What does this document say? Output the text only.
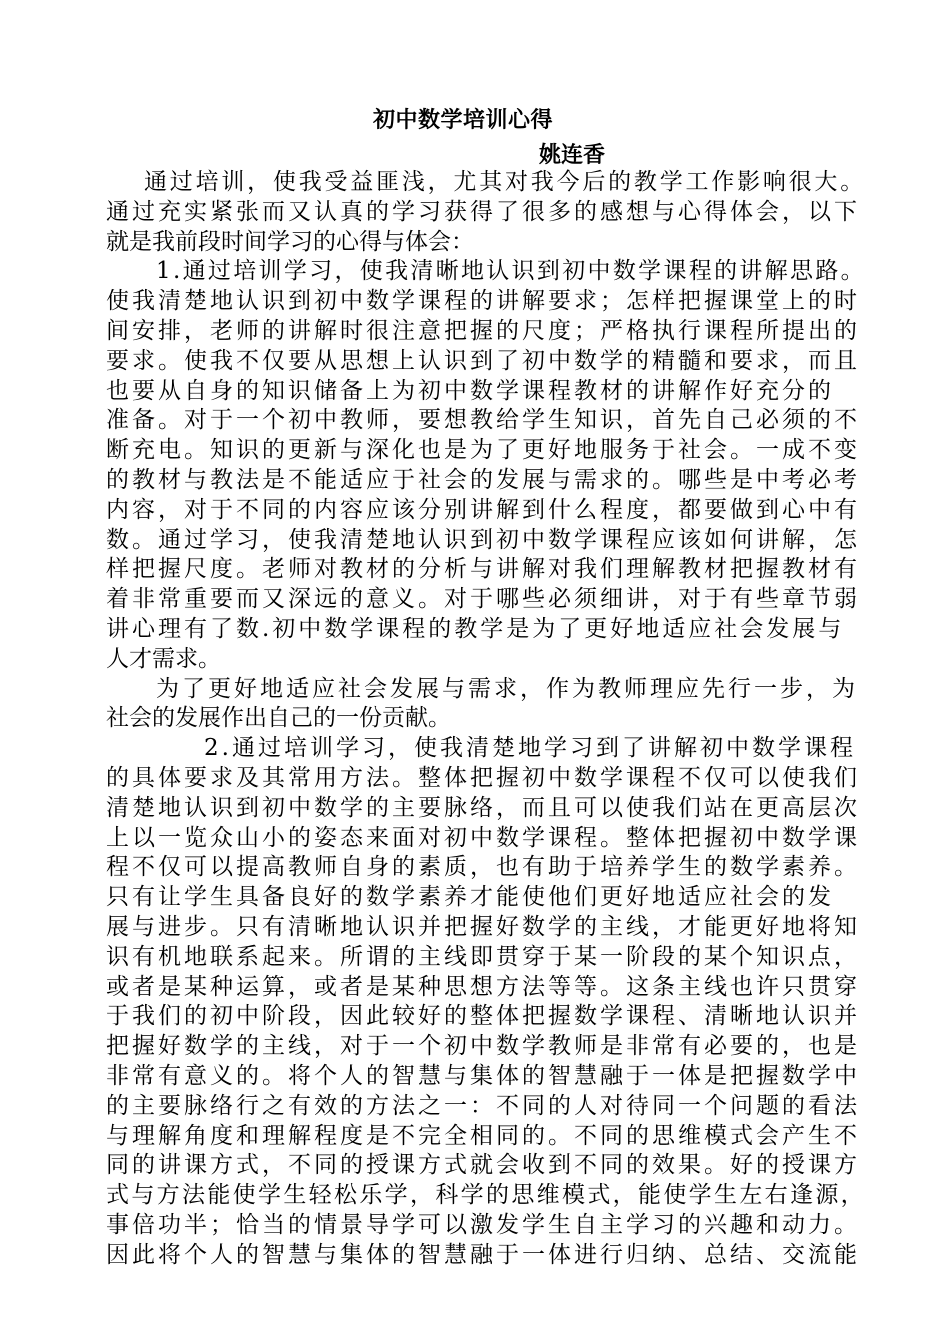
初中数学培训心得
姚连香
通过培训，使我受益匪浅，尤其对我今后的教学工作影响很大。
通过充实紧张而又认真的学习获得了很多的感想与心得体会，以下
就是我前段时间学习的心得与体会：
1.通过培训学习，使我清晰地认识到初中数学课程的讲解思路。
使我清楚地认识到初中数学课程的讲解要求；怎样把握课堂上的时
间安排，老师的讲解时很注意把握的尺度；严格执行课程所提出的
要求。使我不仅要从思想上认识到了初中数学的精髓和要求，而且
也要从自身的知识储备上为初中数学课程教材的讲解作好充分的
准备。对于一个初中教师，要想教给学生知识，首先自己必须的不
断充电。知识的更新与深化也是为了更好地服务于社会。一成不变
的教材与教法是不能适应于社会的发展与需求的。哪些是中考必考
内容，对于不同的内容应该分别讲解到什么程度，都要做到心中有
数。通过学习，使我清楚地认识到初中数学课程应该如何讲解，怎
样把握尺度。老师对教材的分析与讲解对我们理解教材把握教材有
着非常重要而又深远的意义。对于哪些必须细讲，对于有些章节弱
讲心理有了数.初中数学课程的教学是为了更好地适应社会发展与
人才需求。
为了更好地适应社会发展与需求，作为教师理应先行一步，为
社会的发展作出自己的一份贡献。
2.通过培训学习，使我清楚地学习到了讲解初中数学课程
的具体要求及其常用方法。整体把握初中数学课程不仅可以使我们
清楚地认识到初中数学的主要脉络，而且可以使我们站在更高层次
上以一览众山小的姿态来面对初中数学课程。整体把握初中数学课
程不仅可以提高教师自身的素质，也有助于培养学生的数学素养。
只有让学生具备良好的数学素养才能使他们更好地适应社会的发
展与进步。只有清晰地认识并把握好数学的主线，才能更好地将知
识有机地联系起来。所谓的主线即贯穿于某一阶段的某个知识点，
或者是某种运算，或者是某种思想方法等等。这条主线也许只贯穿
于我们的初中阶段，因此较好的整体把握数学课程、清晰地认识并
把握好数学的主线，对于一个初中数学教师是非常有必要的，也是
非常有意义的。将个人的智慧与集体的智慧融于一体是把握数学中
的主要脉络行之有效的方法之一：不同的人对待同一个问题的看法
与理解角度和理解程度是不完全相同的。不同的思维模式会产生不
同的讲课方式，不同的授课方式就会收到不同的效果。好的授课方
式与方法能使学生轻松乐学，科学的思维模式，能使学生左右逢源，
事倍功半；恰当的情景导学可以激发学生自主学习的兴趣和动力。
因此将个人的智慧与集体的智慧融于一体进行归纳、总结、交流能
